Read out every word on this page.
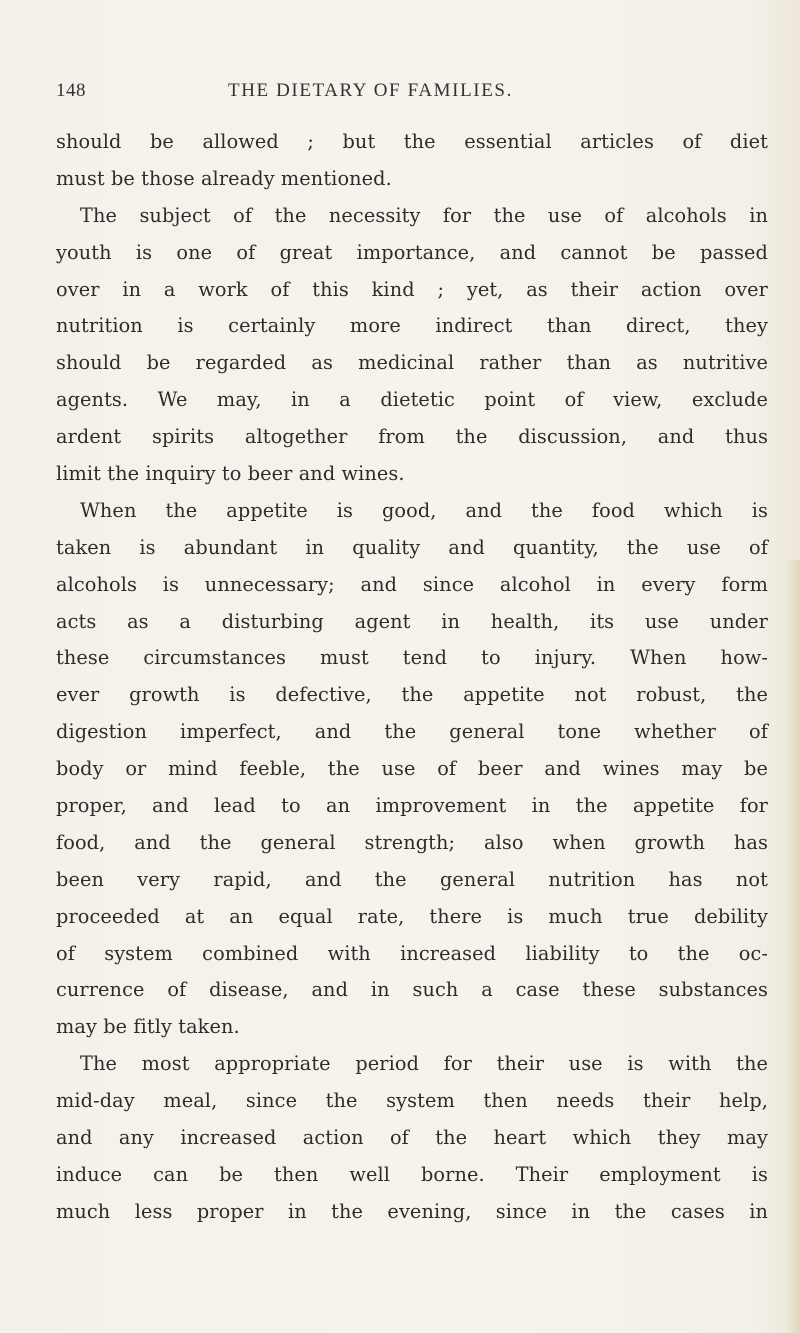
148	THE DIETARY OF FAMILIES.
should be allowed ; but the essential articles of diet
must be those already mentioned.
The subject of the necessity for the use of alcohols in
youth is one of great importance, and cannot be passed
over in a work of this kind ; yet, as their action over
nutrition is certainly more indirect than direct, they
should be regarded as medicinal rather than as nutritive
agents. We may, in a dietetic point of view, exclude
ardent spirits altogether from the discussion, and thus
limit the inquiry to beer and wines.
When the appetite is good, and the food which is
taken is abundant in quality and quantity, the use of
alcohols is unnecessary; and since alcohol in every form
acts as a disturbing agent in health, its use under
these circumstances must tend to injury. When how-
ever growth is defective, the appetite not robust, the
digestion imperfect, and the general tone whether of
body or mind feeble, the use of beer and wines may be
proper, and lead to an improvement in the appetite for
food, and the general strength; also when growth has
been very rapid, and the general nutrition has not
proceeded at an equal rate, there is much true debility
of system combined with increased liability to the oc-
currence of disease, and in such a case these substances
may be fitly taken.
The most appropriate period for their use is with the
mid-day meal, since the system then needs their help,
and any increased action of the heart which they may
induce can be then well borne. Their employment is
much less proper in the evening, since in the cases in
